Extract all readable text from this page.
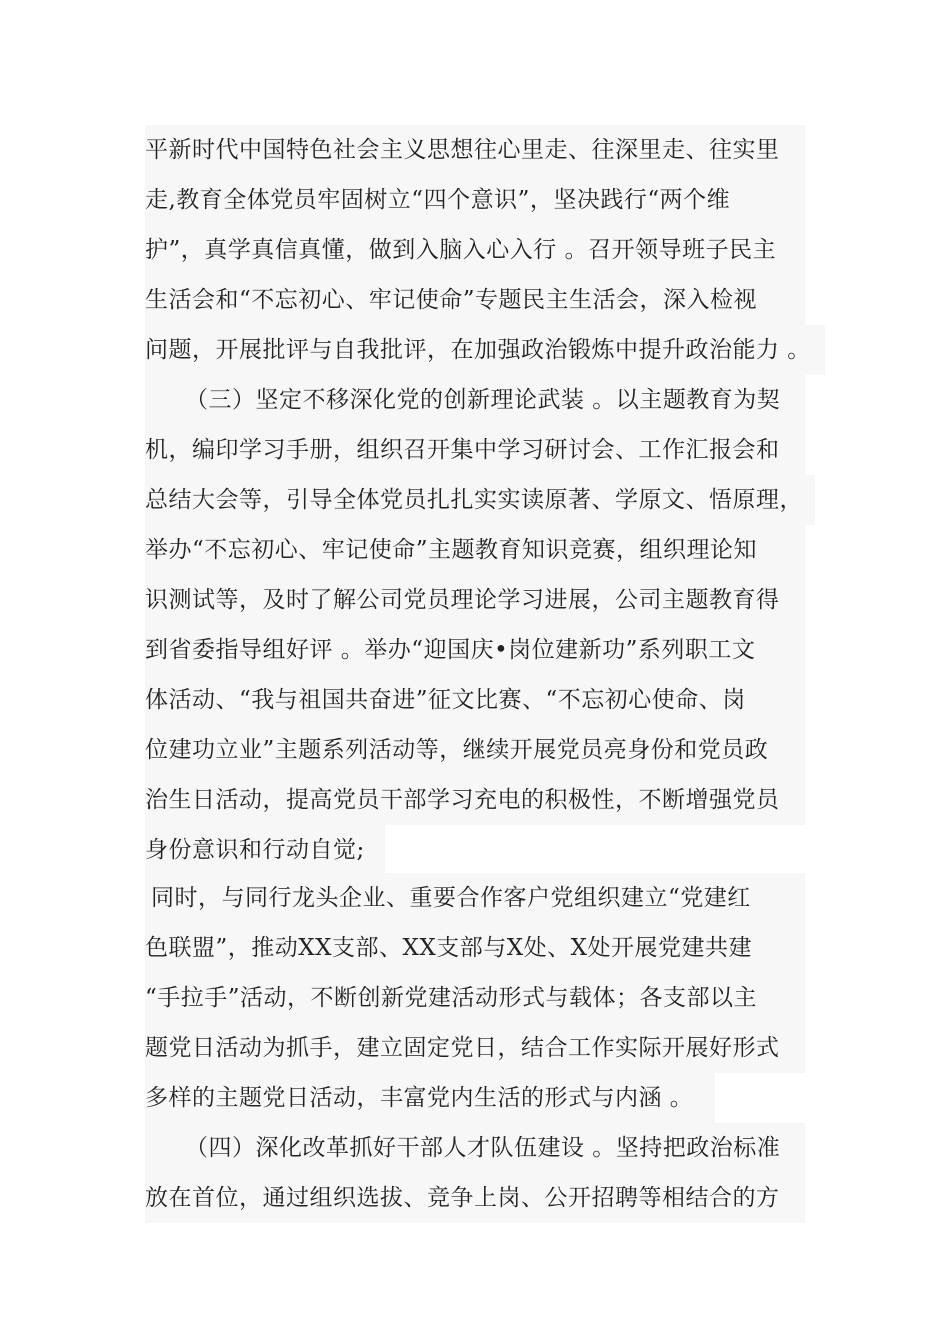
平新时代中国特色社会主义思想往心里走、往深里走、往实里
走,教育全体党员牢固树立“四个意识”，坚决践行“两个维
护”，真学真信真懂，做到入脑入心入行 。召开领导班子民主
生活会和“不忘初心、牢记使命”专题民主生活会，深入检视
问题，开展批评与自我批评，在加强政治锻炼中提升政治能力 。
（三）坚定不移深化党的创新理论武装 。以主题教育为契
机，编印学习手册，组织召开集中学习研讨会、工作汇报会和
总结大会等，引导全体党员扎扎实实读原著、学原文、悟原理，
举办“不忘初心、牢记使命”主题教育知识竞赛，组织理论知
识测试等，及时了解公司党员理论学习进展，公司主题教育得
到省委指导组好评 。举办“迎国庆•岗位建新功”系列职工文
体活动、“我与祖国共奋进”征文比赛、“不忘初心使命、岗
位建功立业”主题系列活动等，继续开展党员亮身份和党员政
治生日活动，提高党员干部学习充电的积极性，不断增强党员
身份意识和行动自觉;
同时，与同行龙头企业、重要合作客户党组织建立“党建红
色联盟”，推动XX支部、XX支部与X处、X处开展党建共建
“手拉手”活动，不断创新党建活动形式与载体；各支部以主
题党日活动为抓手，建立固定党日，结合工作实际开展好形式
多样的主题党日活动，丰富党内生活的形式与内涵 。
（四）深化改革抓好干部人才队伍建设 。坚持把政治标准
放在首位，通过组织选拔、竞争上岗、公开招聘等相结合的方
